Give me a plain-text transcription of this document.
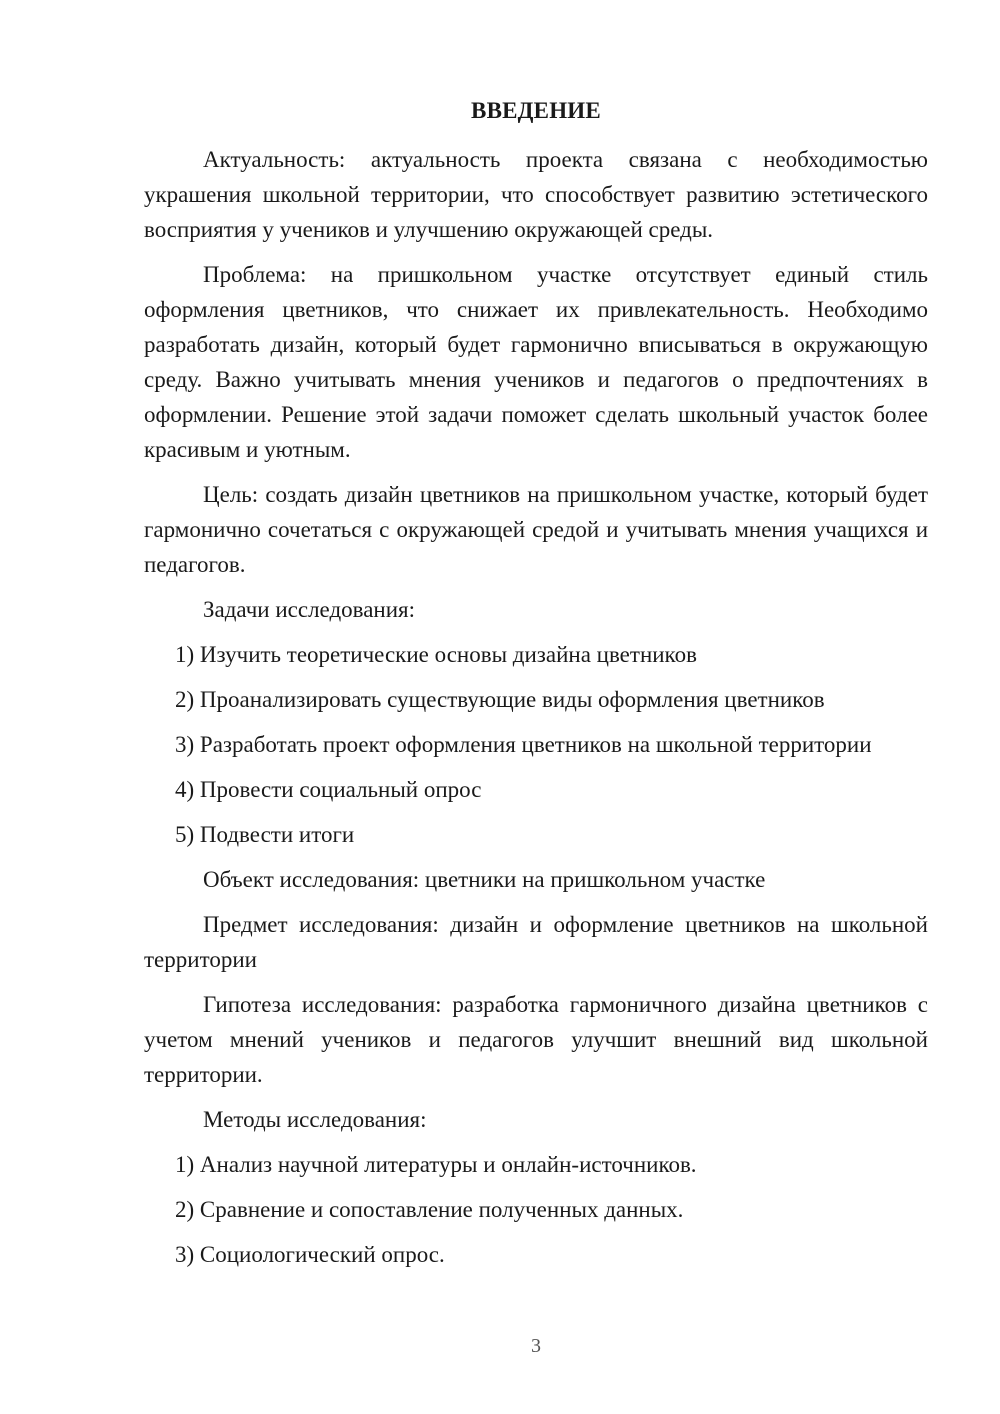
ВВЕДЕНИЕ

Актуальность: актуальность проекта связана с необходимостью украшения школьной территории, что способствует развитию эстетического восприятия у учеников и улучшению окружающей среды.

Проблема: на пришкольном участке отсутствует единый стиль оформления цветников, что снижает их привлекательность. Необходимо разработать дизайн, который будет гармонично вписываться в окружающую среду. Важно учитывать мнения учеников и педагогов о предпочтениях в оформлении. Решение этой задачи поможет сделать школьный участок более красивым и уютным.

Цель: создать дизайн цветников на пришкольном участке, который будет гармонично сочетаться с окружающей средой и учитывать мнения учащихся и педагогов.

Задачи исследования:

1) Изучить теоретические основы дизайна цветников

2) Проанализировать существующие виды оформления цветников

3) Разработать проект оформления цветников на школьной территории

4) Провести социальный опрос

5) Подвести итоги

Объект исследования: цветники на пришкольном участке

Предмет исследования: дизайн и оформление цветников на школьной территории

Гипотеза исследования: разработка гармоничного дизайна цветников с учетом мнений учеников и педагогов улучшит внешний вид школьной территории.

Методы исследования:

1) Анализ научной литературы и онлайн-источников.

2) Сравнение и сопоставление полученных данных.

3) Социологический опрос.

3
